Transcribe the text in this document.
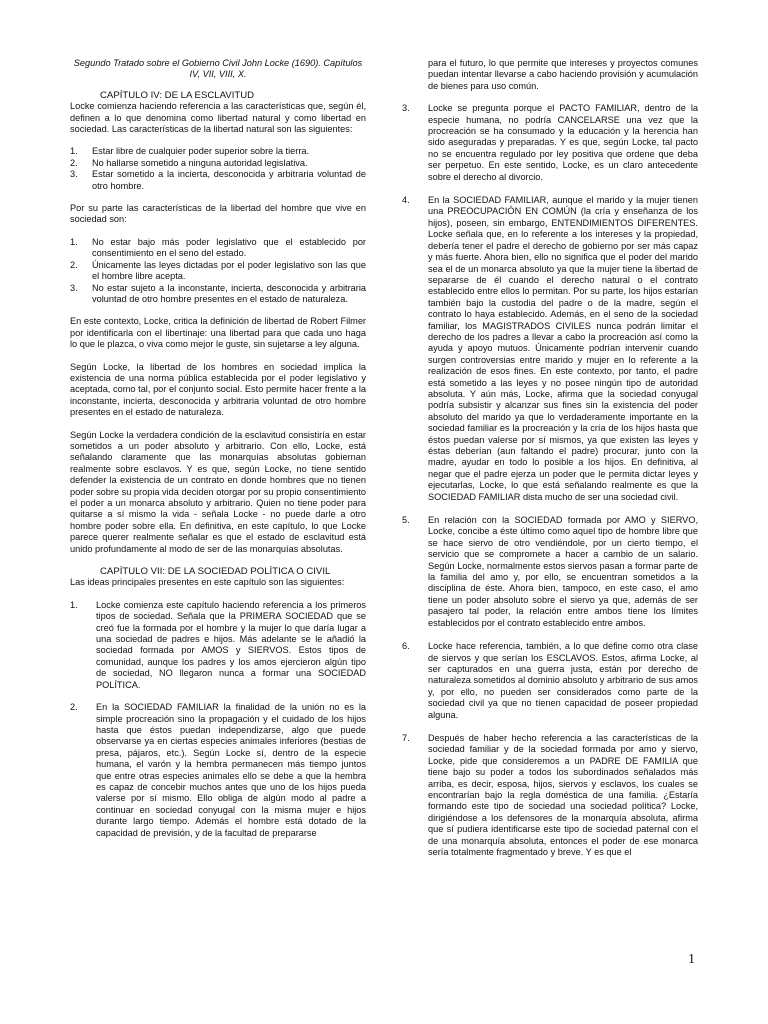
Segundo Tratado sobre el Gobierno Civil John Locke (1690). Capítulos IV, VII, VIII, X.
CAPÍTULO IV: DE LA ESCLAVITUD
Locke comienza haciendo referencia a las características que, según él, definen a lo que denomina como libertad natural y como libertad en sociedad. Las características de la libertad natural son las siguientes:
1.	Estar libre de cualquier poder superior sobre la tierra.
2.	No hallarse sometido a ninguna autoridad legislativa.
3.	Estar sometido a la incierta, desconocida y arbitraria voluntad de otro hombre.
Por su parte las características de la libertad del hombre que vive en sociedad son:
1.	No estar bajo más poder legislativo que el establecido por consentimiento en el seno del estado.
2.	Únicamente las leyes dictadas por el poder legislativo son las que el hombre libre acepta.
3.	No estar sujeto a la inconstante, incierta, desconocida y arbitraria voluntad de otro hombre presentes en el estado de naturaleza.
En este contexto, Locke, critica la definición de libertad de Robert Filmer por identificarla con el libertinaje: una libertad para que cada uno haga lo que le plazca, o viva como mejor le guste, sin sujetarse a ley alguna.
Según Locke, la libertad de los hombres en sociedad implica la existencia de una norma pública establecida por el poder legislativo y aceptada, como tal, por el conjunto social. Esto permite hacer frente a la inconstante, incierta, desconocida y arbitraria voluntad de otro hombre presentes en el estado de naturaleza.
Según Locke la verdadera condición de la esclavitud consistiría en estar sometidos a un poder absoluto y arbitrario. Con ello, Locke, está señalando claramente que las monarquías absolutas gobiernan realmente sobre esclavos. Y es que, según Locke, no tiene sentido defender la existencia de un contrato en donde hombres que no tienen poder sobre su propia vida deciden otorgar por su propio consentimiento el poder a un monarca absoluto y arbitrario. Quien no tiene poder para quitarse a sí mismo la vida - señala Locke - no puede darle a otro hombre poder sobre ella. En definitiva, en este capítulo, lo que Locke parece querer realmente señalar es que el estado de esclavitud está unido profundamente al modo de ser de las monarquías absolutas.
CAPÍTULO VII: DE LA SOCIEDAD POLÍTICA O CIVIL
Las ideas principales presentes en este capítulo son las siguientes:
1.	Locke comienza este capítulo haciendo referencia a los primeros tipos de sociedad. Señala que la PRIMERA SOCIEDAD que se creó fue la formada por el hombre y la mujer lo que daría lugar a una sociedad de padres e hijos. Más adelante se le añadió la sociedad formada por AMOS y SIERVOS. Estos tipos de comunidad, aunque los padres y los amos ejercieron algún tipo de sociedad, NO llegaron nunca a formar una SOCIEDAD POLÍTICA.
2.	En la SOCIEDAD FAMILIAR la finalidad de la unión no es la simple procreación sino la propagación y el cuidado de los hijos hasta que éstos puedan independizarse, algo que puede observarse ya en ciertas especies animales inferiores (bestias de presa, pájaros, etc.). Según Locke sí, dentro de la especie humana, el varón y la hembra permanecen más tiempo juntos que entre otras especies animales ello se debe a que la hembra es capaz de concebir muchos antes que uno de los hijos pueda valerse por sí mismo. Ello obliga de algún modo al padre a continuar en sociedad conyugal con la misma mujer e hijos durante largo tiempo. Además el hombre está dotado de la capacidad de previsión, y de la facultad de prepararse
para el futuro, lo que permite que intereses y proyectos comunes puedan intentar llevarse a cabo haciendo provisión y acumulación de bienes para uso común.
3.	Locke se pregunta porque el PACTO FAMILIAR, dentro de la especie humana, no podría CANCELARSE una vez que la procreación se ha consumado y la educación y la herencia han sido aseguradas y preparadas. Y es que, según Locke, tal pacto no se encuentra regulado por ley positiva que ordene que deba ser perpetuo. En este sentido, Locke, es un claro antecedente sobre el derecho al divorcio.
4.	En la SOCIEDAD FAMILIAR, aunque el marido y la mujer tienen una PREOCUPACIÓN EN COMÚN (la cría y enseñanza de los hijos), poseen, sin embargo, ENTENDIMIENTOS DIFERENTES. Locke señala que, en lo referente a los intereses y la propiedad, debería tener el padre el derecho de gobierno por ser más capaz y más fuerte. Ahora bien, ello no significa que el poder del marido sea el de un monarca absoluto ya que la mujer tiene la libertad de separarse de él cuando el derecho natural o el contrato establecido entre ellos lo permitan. Por su parte, los hijos estarían también bajo la custodia del padre o de la madre, según el contrato lo haya establecido. Además, en el seno de la sociedad familiar, los MAGISTRADOS CIVILES nunca podrán limitar el derecho de los padres a llevar a cabo la procreación así como la ayuda y apoyo mutuos. Únicamente podrían intervenir cuando surgen controversias entre marido y mujer en lo referente a la realización de esos fines. En este contexto, por tanto, el padre está sometido a las leyes y no posee ningún tipo de autoridad absoluta. Y aún más, Locke, afirma que la sociedad conyugal podría subsistir y alcanzar sus fines sin la existencia del poder absoluto del marido ya que lo verdaderamente importante en la sociedad familiar es la procreación y la cría de los hijos hasta que éstos puedan valerse por sí mismos, ya que existen las leyes y éstas deberían (aun faltando el padre) procurar, junto con la madre, ayudar en todo lo posible a los hijos. En definitiva, al negar que el padre ejerza un poder que le permita dictar leyes y ejecutarlas, Locke, lo que está señalando realmente es que la SOCIEDAD FAMILIAR dista mucho de ser una sociedad civil.
5.	En relación con la SOCIEDAD formada por AMO y SIERVO, Locke, concibe a éste último como aquel tipo de hombre libre que se hace siervo de otro vendiéndole, por un cierto tiempo, el servicio que se compromete a hacer a cambio de un salario. Según Locke, normalmente estos siervos pasan a formar parte de la familia del amo y, por ello, se encuentran sometidos a la disciplina de éste. Ahora bien, tampoco, en este caso, el amo tiene un poder absoluto sobre el siervo ya que, además de ser pasajero tal poder, la relación entre ambos tiene los límites establecidos por el contrato establecido entre ambos.
6.	Locke hace referencia, también, a lo que define como otra clase de siervos y que serían los ESCLAVOS. Estos, afirma Locke, al ser capturados en una guerra justa, están por derecho de naturaleza sometidos al dominio absoluto y arbitrario de sus amos y, por ello, no pueden ser considerados como parte de la sociedad civil ya que no tienen capacidad de poseer propiedad alguna.
7.	Después de haber hecho referencia a las características de la sociedad familiar y de la sociedad formada por amo y siervo, Locke, pide que consideremos a un PADRE DE FAMILIA que tiene bajo su poder a todos los subordinados señalados más arriba, es decir, esposa, hijos, siervos y esclavos, los cuales se encontrarían bajo la regla doméstica de una familia. ¿Estaría formando este tipo de sociedad una sociedad política? Locke, dirigiéndose a los defensores de la monarquía absoluta, afirma que sí pudiera identificarse este tipo de sociedad paternal con el de una monarquía absoluta, entonces el poder de ese monarca sería totalmente fragmentado y breve. Y es que el
1
